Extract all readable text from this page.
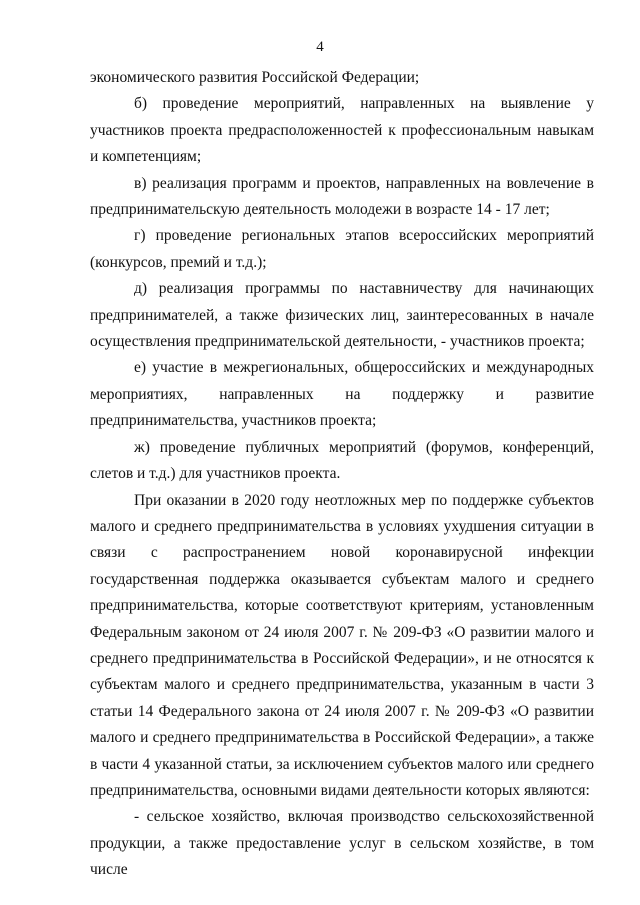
4

экономического развития Российской Федерации;

б) проведение мероприятий, направленных на выявление у участников проекта предрасположенностей к профессиональным навыкам и компетенциям;

в) реализация программ и проектов, направленных на вовлечение в предпринимательскую деятельность молодежи в возрасте 14 - 17 лет;

г) проведение региональных этапов всероссийских мероприятий (конкурсов, премий и т.д.);

д) реализация программы по наставничеству для начинающих предпринимателей, а также физических лиц, заинтересованных в начале осуществления предпринимательской деятельности, - участников проекта;

е) участие в межрегиональных, общероссийских и международных мероприятиях, направленных на поддержку и развитие предпринимательства, участников проекта;

ж) проведение публичных мероприятий (форумов, конференций, слетов и т.д.) для участников проекта.

При оказании в 2020 году неотложных мер по поддержке субъектов малого и среднего предпринимательства в условиях ухудшения ситуации в связи с распространением новой коронавирусной инфекции государственная поддержка оказывается субъектам малого и среднего предпринимательства, которые соответствуют критериям, установленным Федеральным законом от 24 июля 2007 г. № 209-ФЗ «О развитии малого и среднего предпринимательства в Российской Федерации», и не относятся к субъектам малого и среднего предпринимательства, указанным в части 3 статьи 14 Федерального закона от 24 июля 2007 г. № 209-ФЗ «О развитии малого и среднего предпринимательства в Российской Федерации», а также в части 4 указанной статьи, за исключением субъектов малого или среднего предпринимательства, основными видами деятельности которых являются:

- сельское хозяйство, включая производство сельскохозяйственной продукции, а также предоставление услуг в сельском хозяйстве, в том числе
